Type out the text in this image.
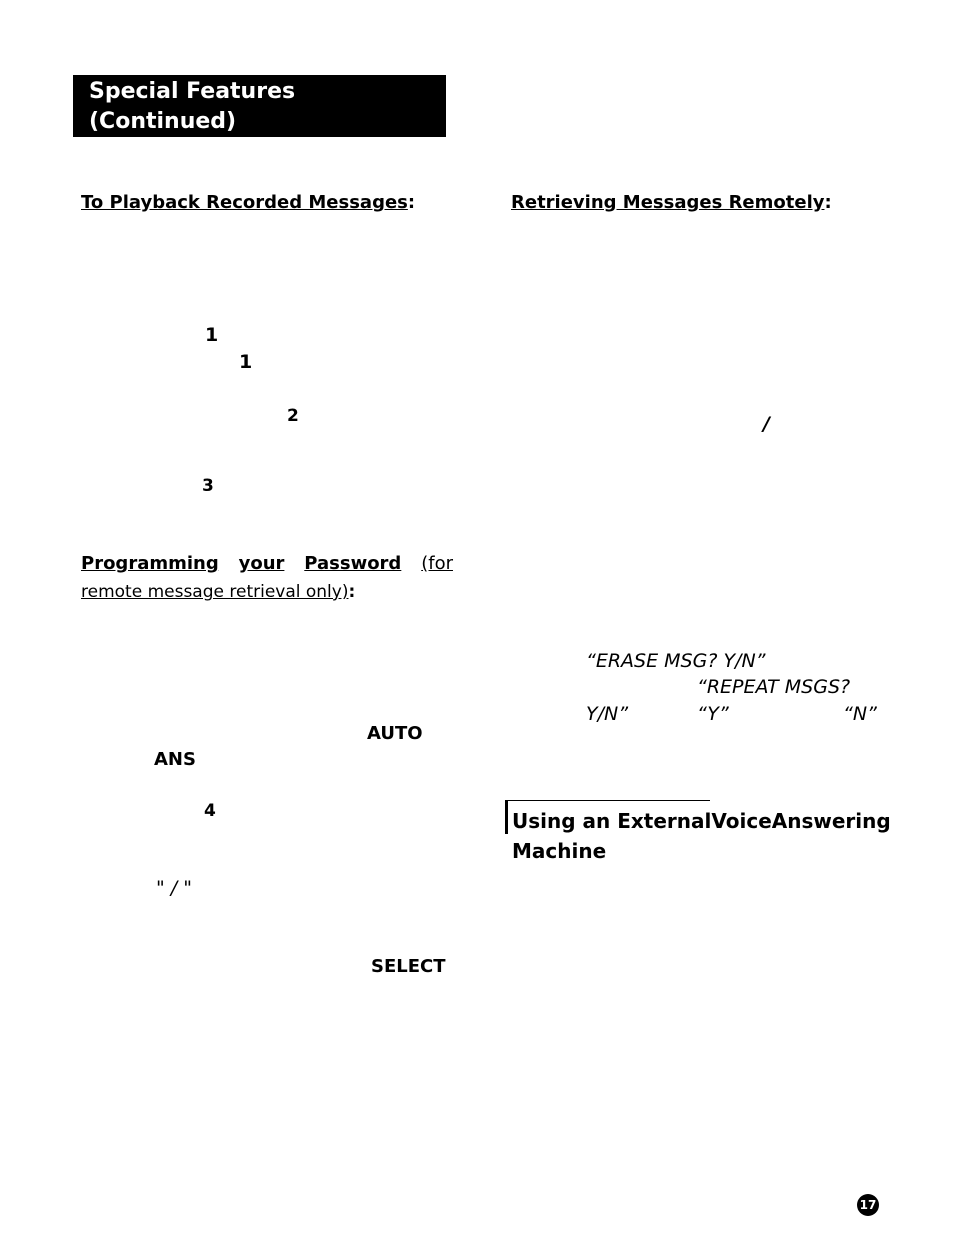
Special Features
(Continued)
To Playback Recorded Messages:
1
1
2
3
Programming your Password (for
remote message retrieval only):
AUTO
ANS
4
" / "
SELECT
Retrieving Messages Remotely:
/
“ERASE MSG? Y/N”
“REPEAT MSGS?
Y/N”	“Y”	“N”
Using an External Voice Answering
Machine
17
